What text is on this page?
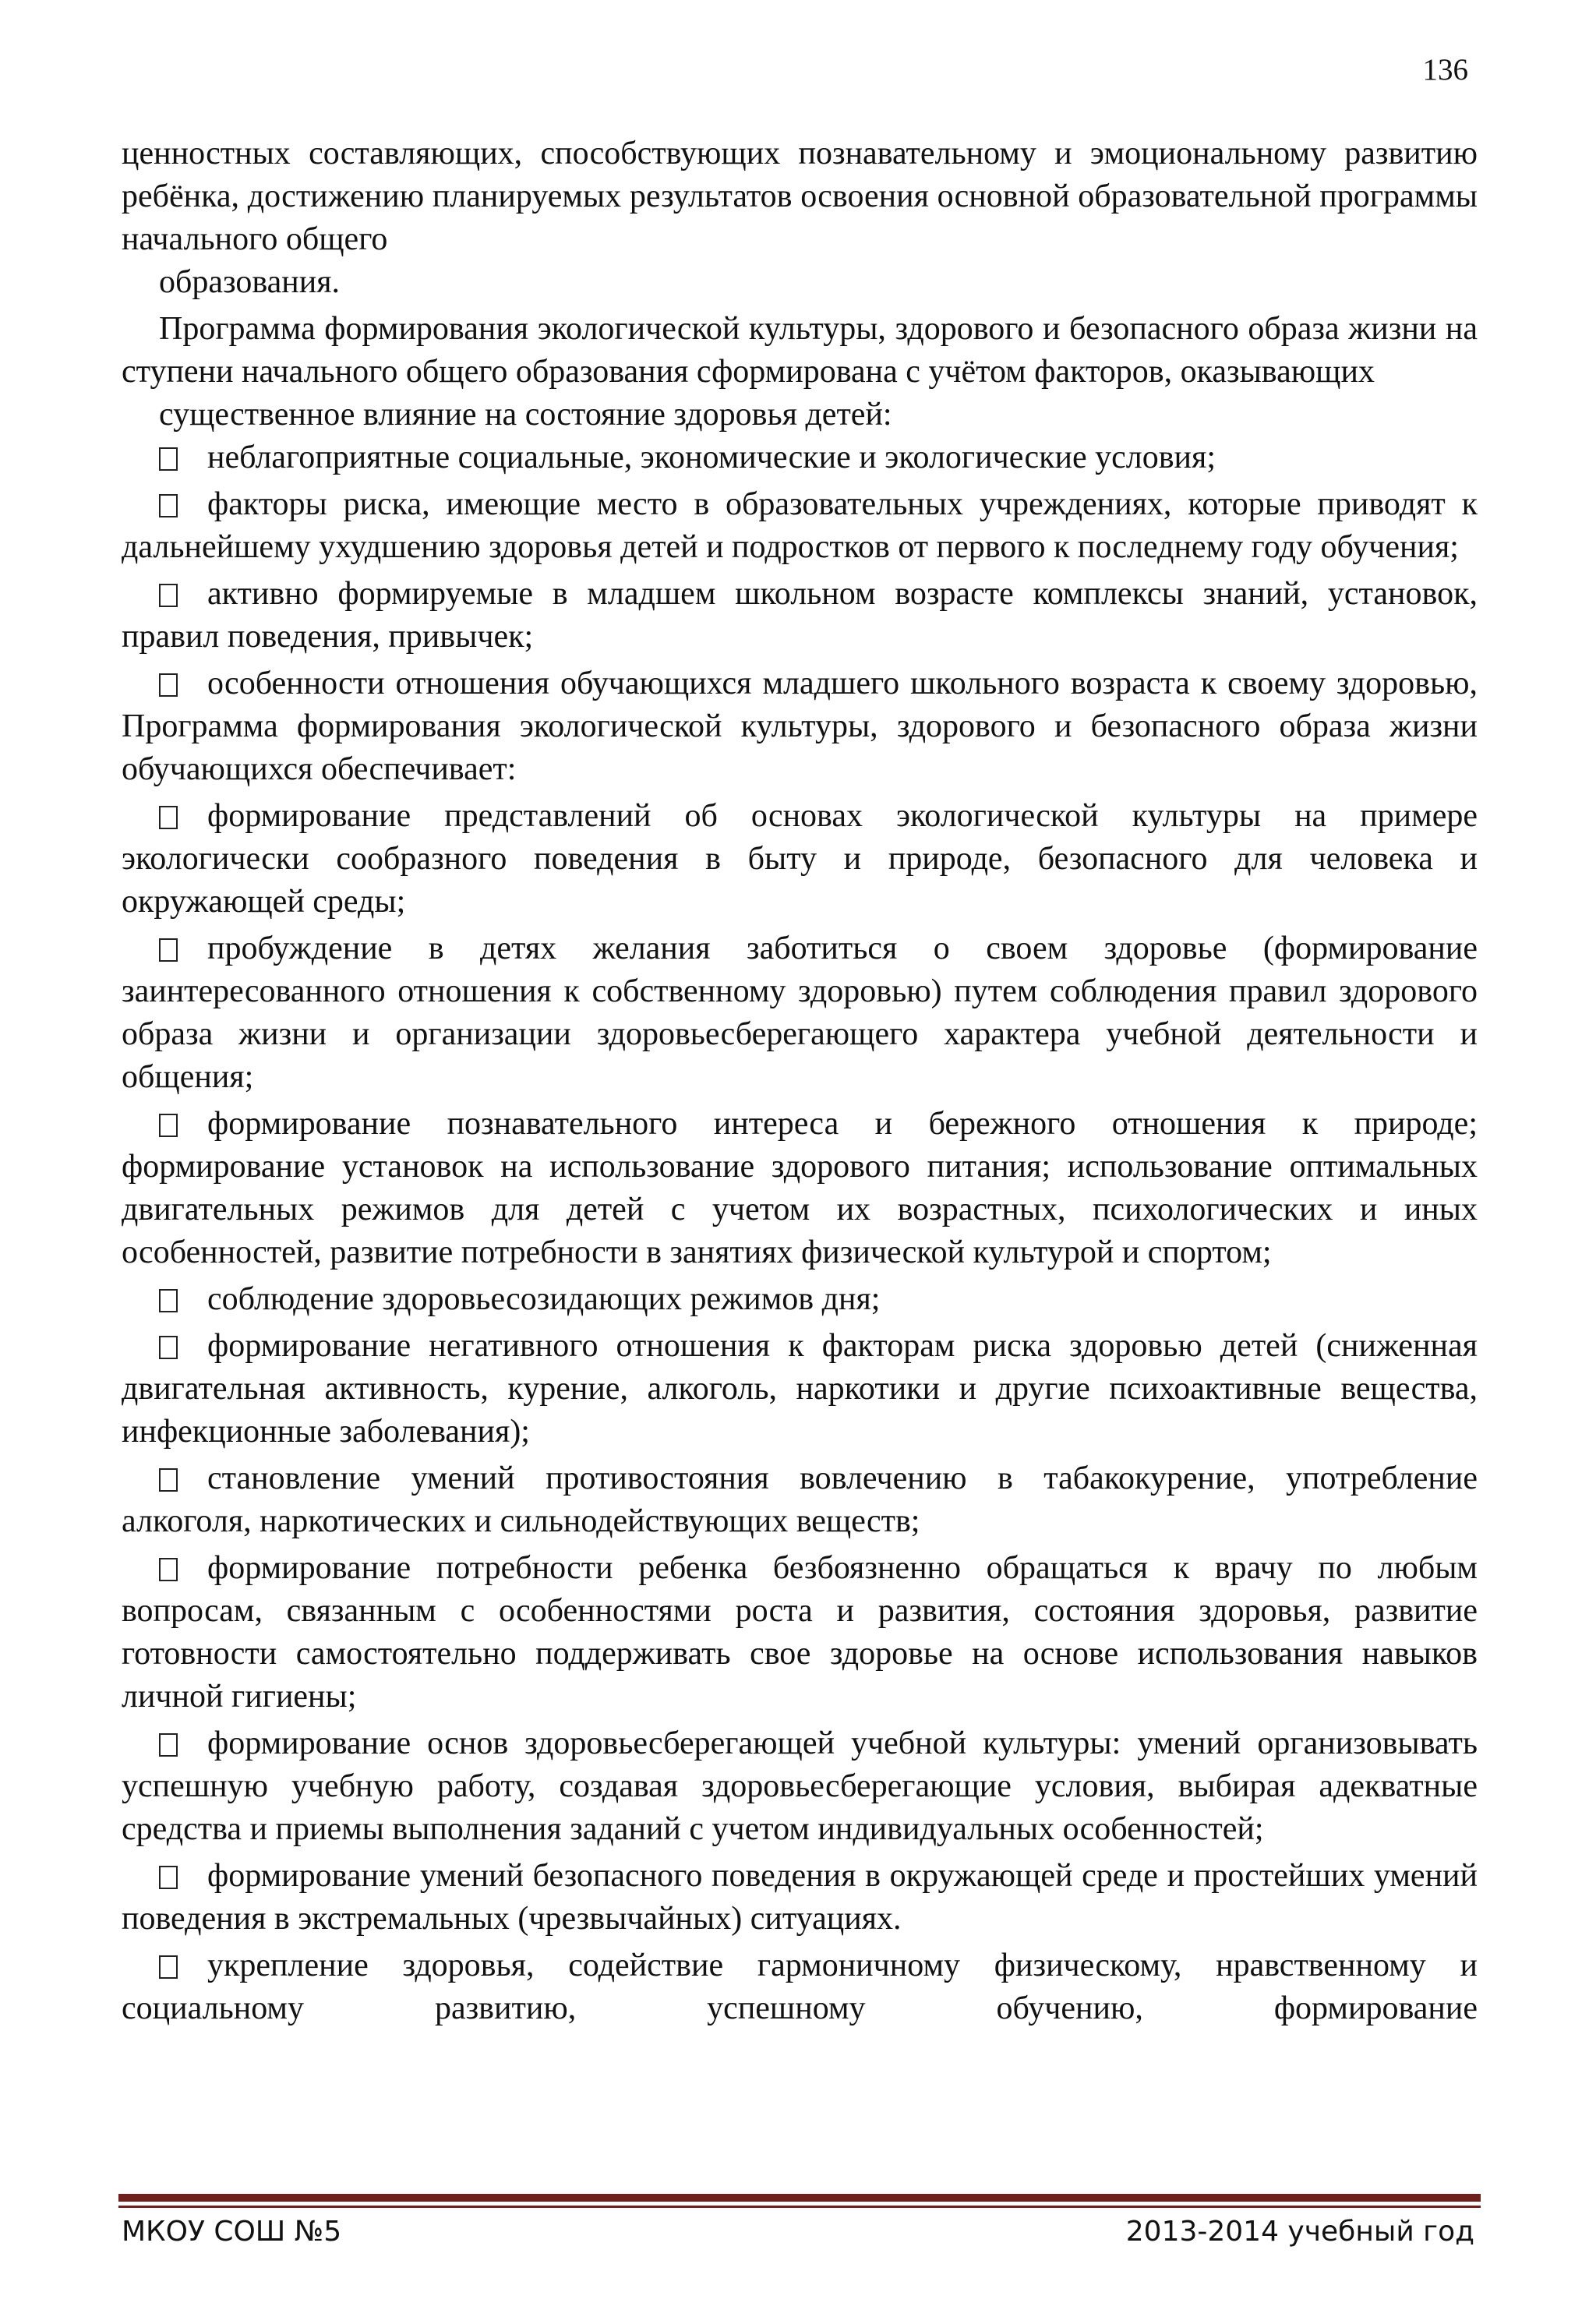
136

ценностных составляющих, способствующих познавательному и эмоциональному развитию ребёнка, достижению планируемых результатов освоения основной образовательной программы начального общего

образования.

Программа формирования экологической культуры, здорового и безопасного образа жизни на ступени начального общего образования сформирована с учётом факторов, оказывающих

существенное влияние на состояние здоровья детей:

неблагоприятные социальные, экономические и экологические условия;

факторы риска, имеющие место в образовательных учреждениях, которые приводят к дальнейшему ухудшению здоровья детей и подростков от первого к последнему году обучения;

активно формируемые в младшем школьном возрасте комплексы знаний, установок, правил поведения, привычек;

особенности отношения обучающихся младшего школьного возраста к своему здоровью, Программа формирования экологической культуры, здорового и безопасного образа жизни обучающихся обеспечивает:

формирование представлений об основах экологической культуры на примере экологически сообразного поведения в быту и природе, безопасного для человека и окружающей среды;

пробуждение в детях желания заботиться о своем здоровье (формирование заинтересованного отношения к собственному здоровью) путем соблюдения правил здорового образа жизни и организации здоровьесберегающего характера учебной деятельности и общения;

формирование познавательного интереса и бережного отношения к природе; формирование установок на использование здорового питания; использование оптимальных двигательных режимов для детей с учетом их возрастных, психологических и иных особенностей, развитие потребности в занятиях физической культурой и спортом;

соблюдение здоровьесозидающих режимов дня;

формирование негативного отношения к факторам риска здоровью детей (сниженная двигательная активность, курение, алкоголь, наркотики и другие психоактивные вещества, инфекционные заболевания);

становление умений противостояния вовлечению в табакокурение, употребление алкоголя, наркотических и сильнодействующих веществ;

формирование потребности ребенка безбоязненно обращаться к врачу по любым вопросам, связанным с особенностями роста и развития, состояния здоровья, развитие готовности самостоятельно поддерживать свое здоровье на основе использования навыков личной гигиены;

формирование основ здоровьесберегающей учебной культуры: умений организовывать успешную учебную работу, создавая здоровьесберегающие условия, выбирая адекватные средства и приемы выполнения заданий с учетом индивидуальных особенностей;

формирование умений безопасного поведения в окружающей среде и простейших умений поведения в экстремальных (чрезвычайных) ситуациях.

укрепление здоровья, содействие гармоничному физическому, нравственному и социальному развитию, успешному обучению, формирование

МКОУ СОШ №5	2013-2014 учебный год
